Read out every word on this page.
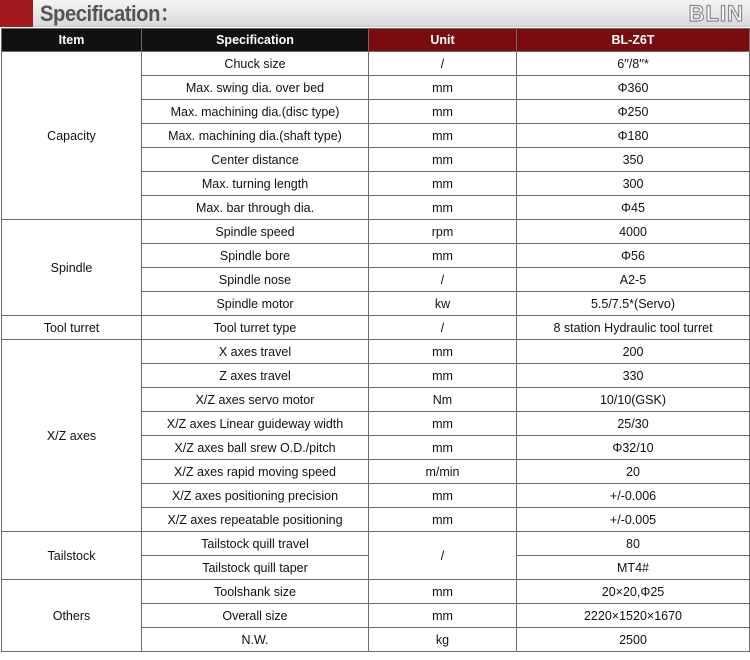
Specification：	BLIN
Item	Specification	Unit	BL-Z6T
Capacity	Chuck size	/	6′′/8′′*
	Max. swing dia. over bed	mm	Φ360
	Max. machining dia.(disc type)	mm	Φ250
	Max. machining dia.(shaft type)	mm	Φ180
	Center distance	mm	350
	Max. turning length	mm	300
	Max. bar through dia.	mm	Φ45
Spindle	Spindle speed	rpm	4000
	Spindle bore	mm	Φ56
	Spindle nose	/	A2-5
	Spindle motor	kw	5.5/7.5*(Servo)
Tool turret	Tool turret type	/	8 station Hydraulic tool turret
X/Z axes	X axes travel	mm	200
	Z axes travel	mm	330
	X/Z axes servo motor	Nm	10/10(GSK)
	X/Z axes Linear guideway width	mm	25/30
	X/Z axes ball srew O.D./pitch	mm	Φ32/10
	X/Z axes rapid moving speed	m/min	20
	X/Z axes positioning precision	mm	+/-0.006
	X/Z axes repeatable positioning	mm	+/-0.005
Tailstock	Tailstock quill travel	/	80
	Tailstock quill taper		MT4#
Others	Toolshank size	mm	20×20,Φ25
	Overall size	mm	2220×1520×1670
	N.W.	kg	2500
